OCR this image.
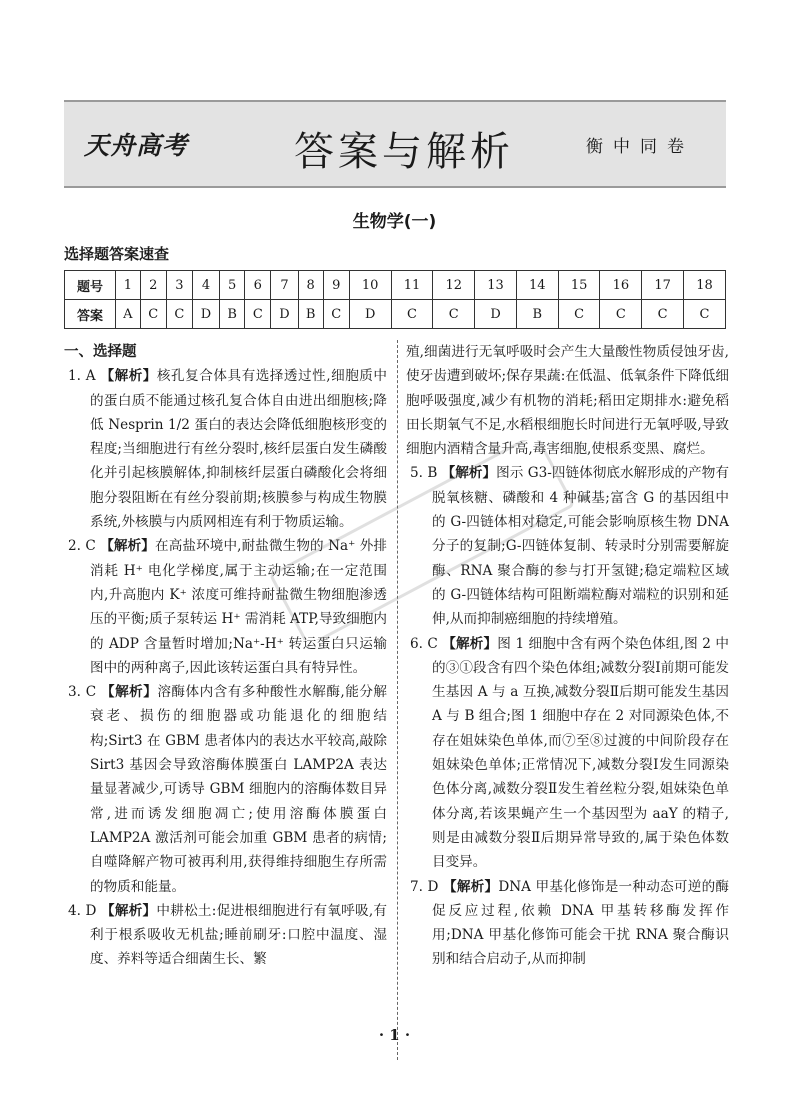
天舟高考	答案与解析	衡中同卷
生物学(一)
选择题答案速查
题号	1	2	3	4	5	6	7	8	9	10	11	12	13	14	15	16	17	18
答案	A	C	C	D	B	C	D	B	C	D	C	C	D	B	C	C	C	C
一、选择题

1. A 【解析】核孔复合体具有选择透过性,细胞质中的蛋白质不能通过核孔复合体自由进出细胞核;降低 Nesprin 1/2 蛋白的表达会降低细胞核形变的程度;当细胞进行有丝分裂时,核纤层蛋白发生磷酸化并引起核膜解体,抑制核纤层蛋白磷酸化会将细胞分裂阻断在有丝分裂前期;核膜参与构成生物膜系统,外核膜与内质网相连有利于物质运输。

2. C 【解析】在高盐环境中,耐盐微生物的 Na⁺ 外排消耗 H⁺ 电化学梯度,属于主动运输;在一定范围内,升高胞内 K⁺ 浓度可维持耐盐微生物细胞渗透压的平衡;质子泵转运 H⁺ 需消耗 ATP,导致细胞内的 ADP 含量暂时增加;Na⁺-H⁺ 转运蛋白只运输图中的两种离子,因此该转运蛋白具有特异性。

3. C 【解析】溶酶体内含有多种酸性水解酶,能分解衰老、损伤的细胞器或功能退化的细胞结构;Sirt3 在 GBM 患者体内的表达水平较高,敲除 Sirt3 基因会导致溶酶体膜蛋白 LAMP2A 表达量显著减少,可诱导 GBM 细胞内的溶酶体数目异常,进而诱发细胞凋亡;使用溶酶体膜蛋白 LAMP2A 激活剂可能会加重 GBM 患者的病情;自噬降解产物可被再利用,获得维持细胞生存所需的物质和能量。

4. D 【解析】中耕松土:促进根细胞进行有氧呼吸,有利于根系吸收无机盐;睡前刷牙:口腔中温度、湿度、养料等适合细菌生长、繁

殖,细菌进行无氧呼吸时会产生大量酸性物质侵蚀牙齿,使牙齿遭到破坏;保存果蔬:在低温、低氧条件下降低细胞呼吸强度,减少有机物的消耗;稻田定期排水:避免稻田长期氧气不足,水稻根细胞长时间进行无氧呼吸,导致细胞内酒精含量升高,毒害细胞,使根系变黑、腐烂。

5. B 【解析】图示 G3-四链体彻底水解形成的产物有脱氧核糖、磷酸和 4 种碱基;富含 G 的基因组中的 G-四链体相对稳定,可能会影响原核生物 DNA 分子的复制;G-四链体复制、转录时分别需要解旋酶、RNA 聚合酶的参与打开氢键;稳定端粒区域的 G-四链体结构可阻断端粒酶对端粒的识别和延伸,从而抑制癌细胞的持续增殖。

6. C 【解析】图 1 细胞中含有两个染色体组,图 2 中的③①段含有四个染色体组;减数分裂Ⅰ前期可能发生基因 A 与 a 互换,减数分裂Ⅱ后期可能发生基因 A 与 B 组合;图 1 细胞中存在 2 对同源染色体,不存在姐妹染色单体,而⑦至⑧过渡的中间阶段存在姐妹染色单体;正常情况下,减数分裂Ⅰ发生同源染色体分离,减数分裂Ⅱ发生着丝粒分裂,姐妹染色单体分离,若该果蝇产生一个基因型为 aaY 的精子,则是由减数分裂Ⅱ后期异常导致的,属于染色体数目变异。

7. D 【解析】DNA 甲基化修饰是一种动态可逆的酶促反应过程,依赖 DNA 甲基转移酶发挥作用;DNA 甲基化修饰可能会干扰 RNA 聚合酶识别和结合启动子,从而抑制

· 1 ·
